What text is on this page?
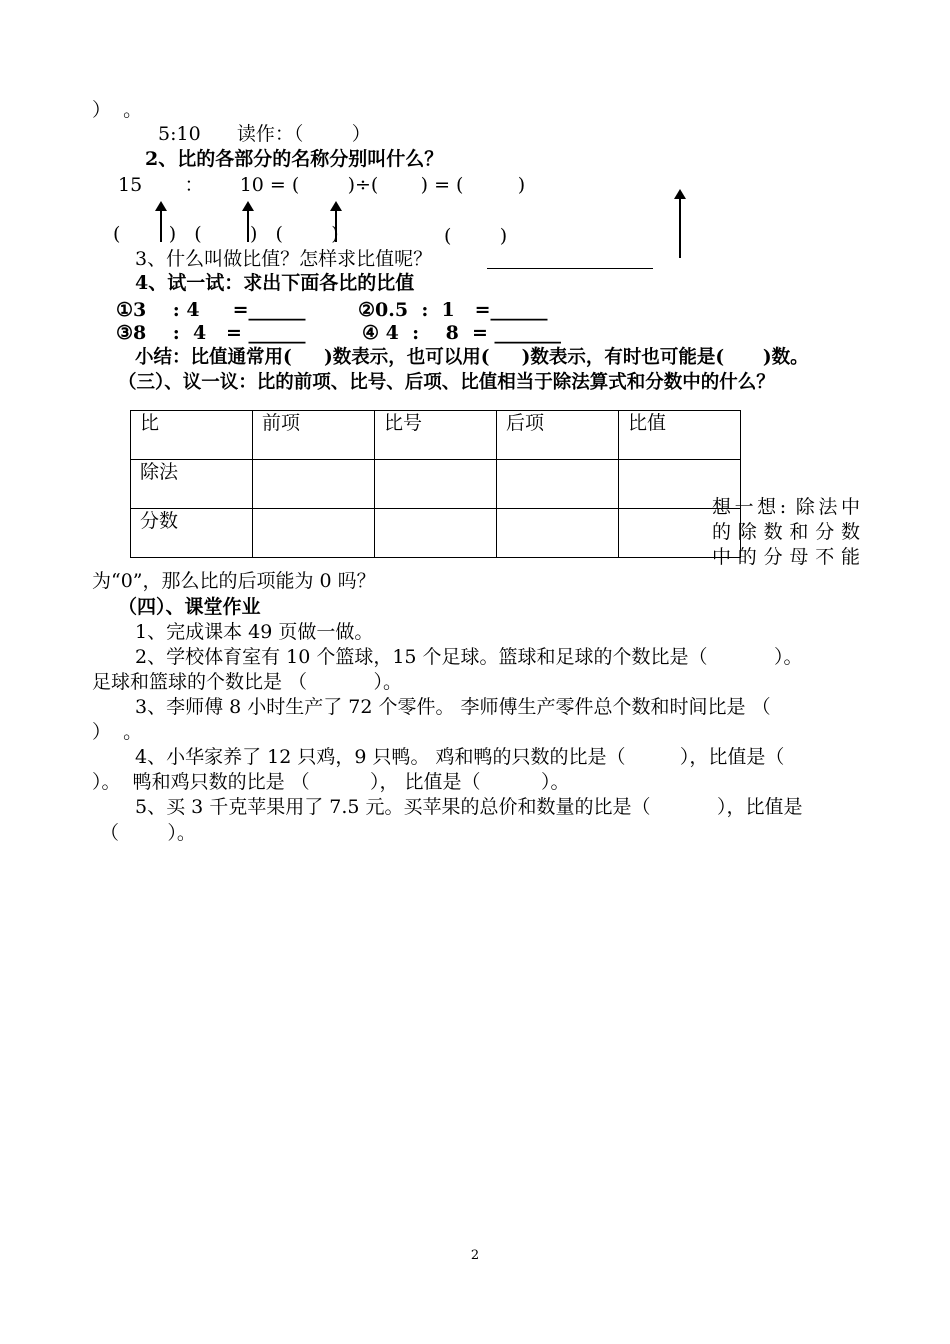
）  。
5:10      读作：（        ）
2、比的各部分的名称分别叫什么？
15       ：      10 = (        )÷(       ) = (         )
(        )   (        )   (        )	(        )
3、什么叫做比值？怎样求比值呢？
4、试一试：求出下面各比的比值
①3    : 4     =______	②0.5  :  1   =______
③8    :  4   = ______	④ 4  :    8  = _______
小结：比值通常用(     )数表示，也可以用(     )数表示，有时也可能是(      )数。
（三）、议一议：比的前项、比号、后项、比值相当于除法算式和分数中的什么？
比	前项	比号	后项	比值
除法				
分数				
想一想: 除法中
的除数和分数
中的分母不能
为“0”，那么比的后项能为 0 吗？
（四）、课堂作业
1、完成课本 49 页做一做。
2、学校体育室有 10 个篮球，15 个足球。篮球和足球的个数比是（           ）。
足球和篮球的个数比是 （           ）。
3、李师傅 8 小时生产了 72 个零件。 李师傅生产零件总个数和时间比是 （
）  。
4、小华家养了 12 只鸡，9 只鸭。 鸡和鸭的只数的比是（         ），比值是（
）。  鸭和鸡只数的比是 （          ）， 比值是（          ）。
5、买 3 千克苹果用了 7.5 元。买苹果的总价和数量的比是（           ），比值是
（        ）。
2
